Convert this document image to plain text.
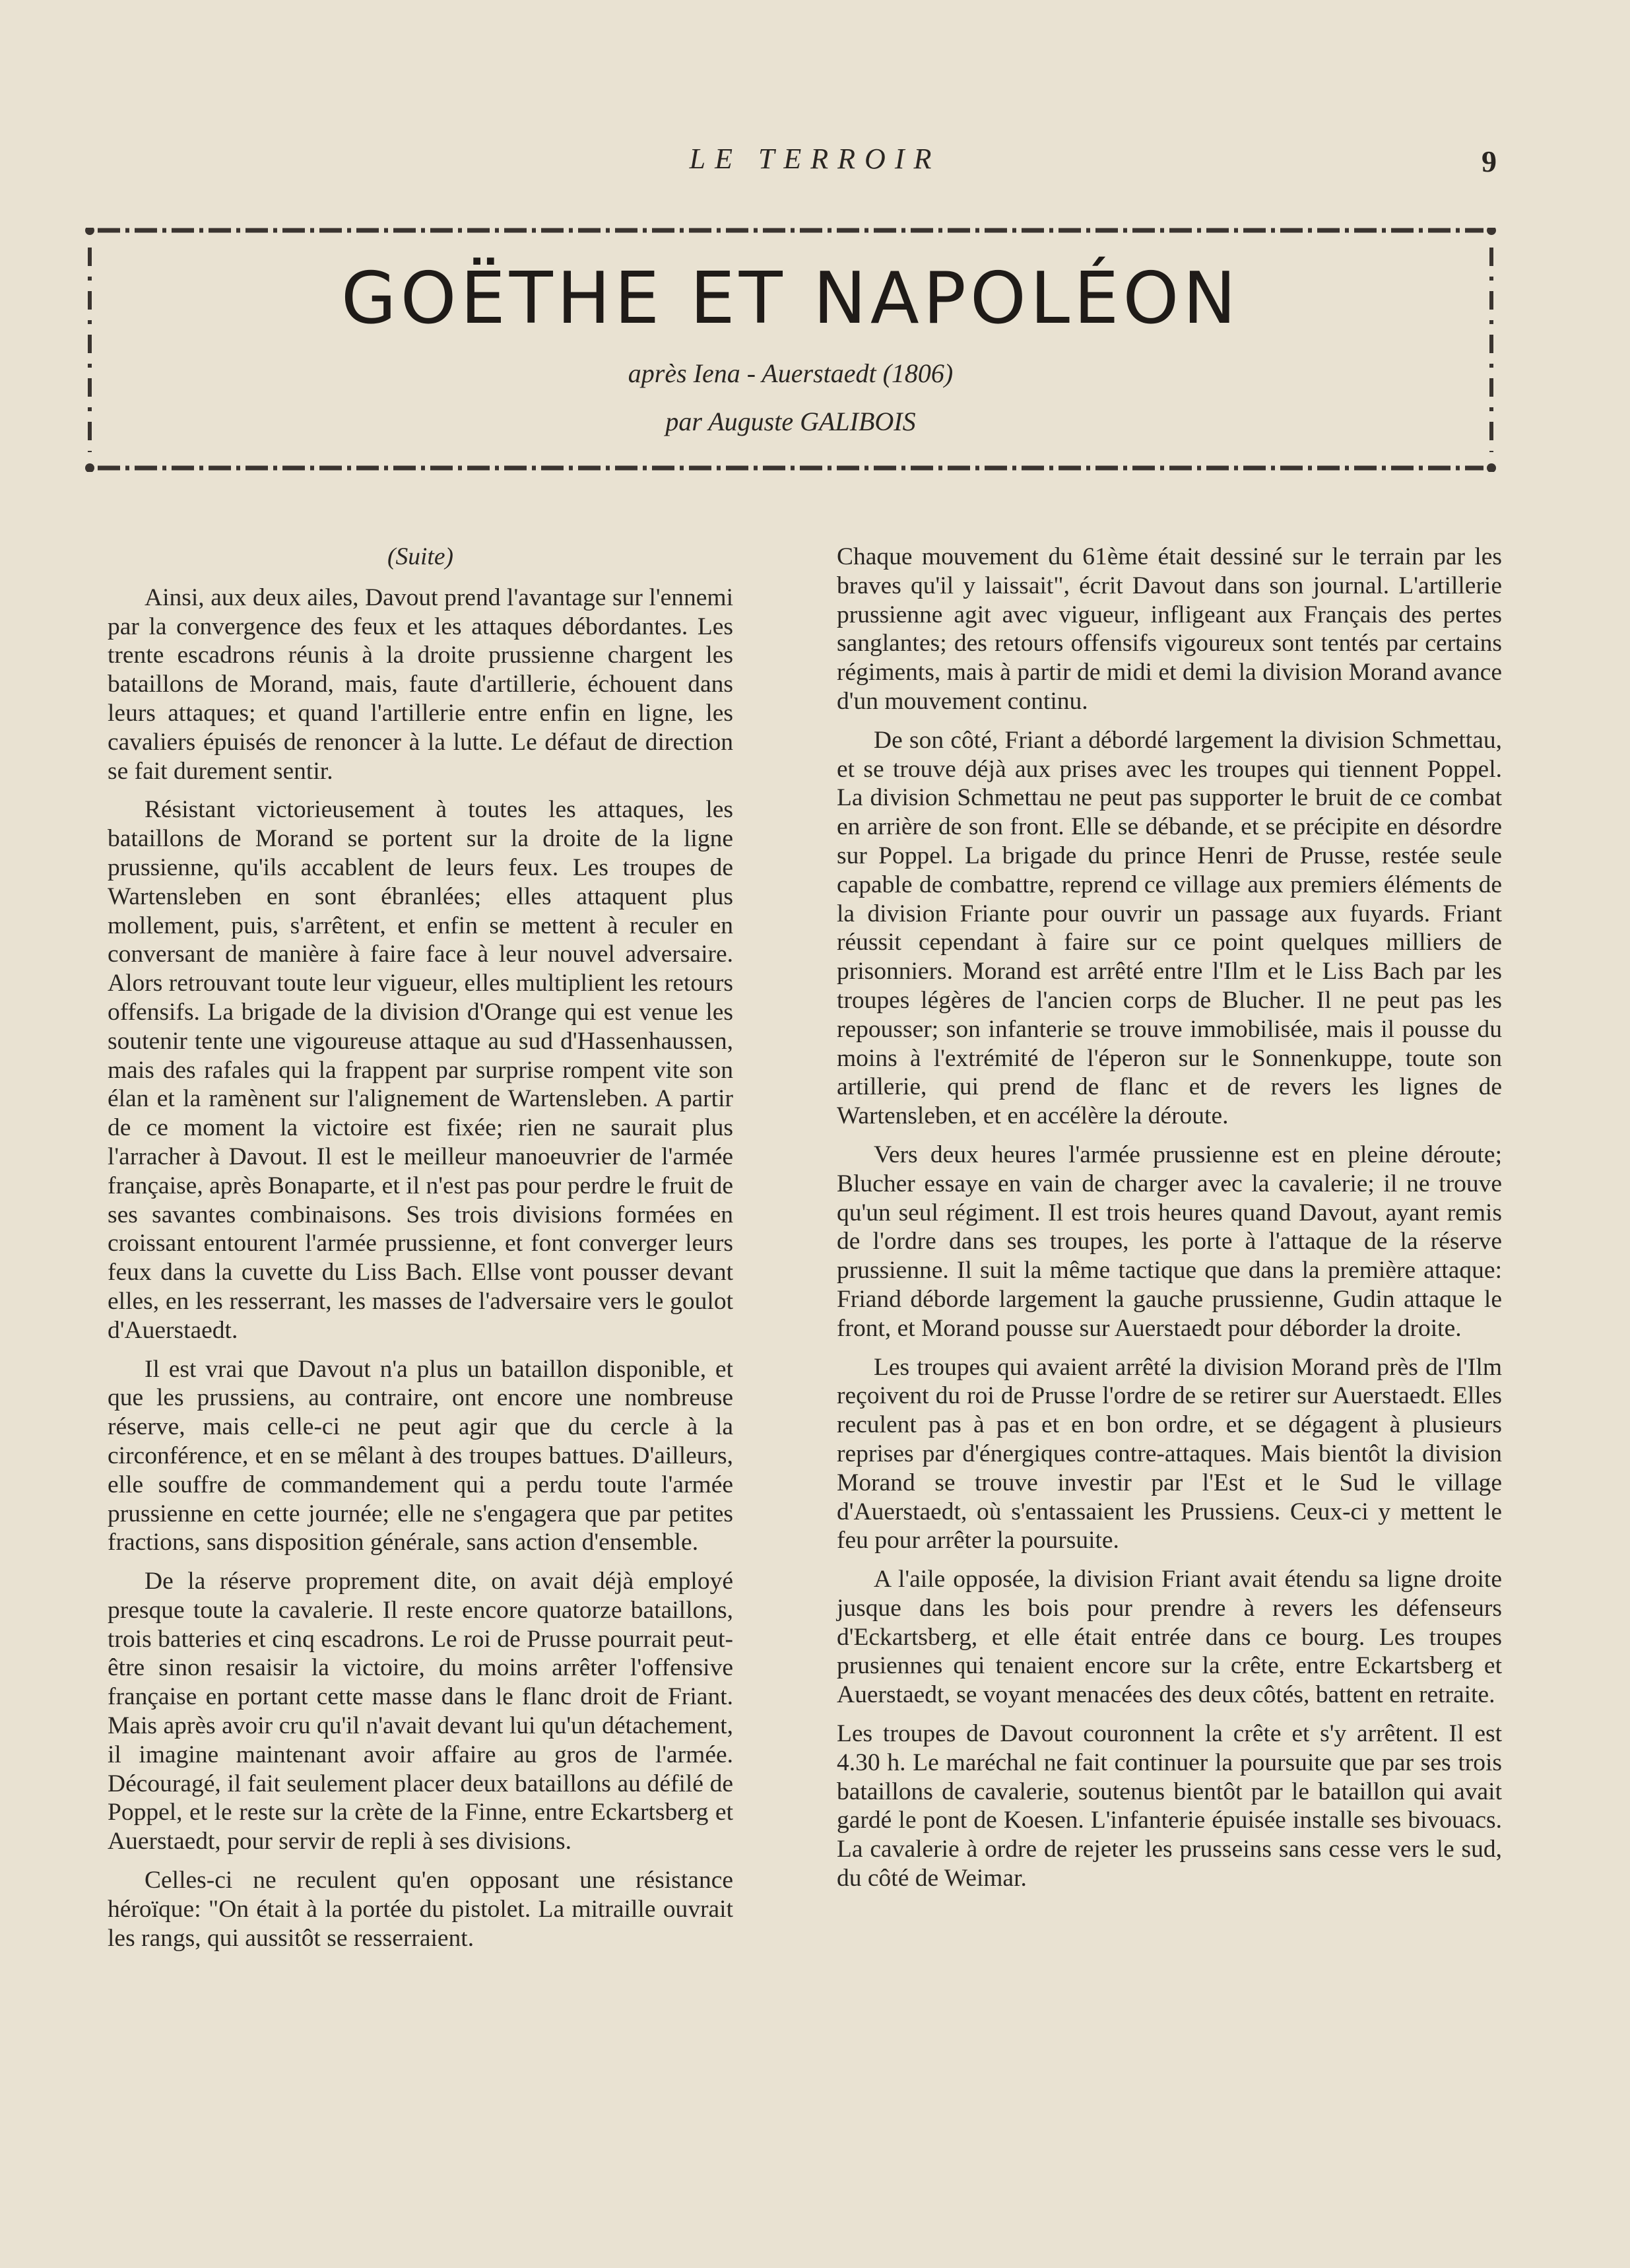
LE TERROIR	9
GOËTHE ET NAPOLÉON
après Iena - Auerstaedt (1806)
par Auguste GALIBOIS
(Suite)

Ainsi, aux deux ailes, Davout prend l'avantage sur l'ennemi par la convergence des feux et les attaques débordantes. Les trente escadrons réunis à la droite prussienne chargent les bataillons de Morand, mais, faute d'artillerie, échouent dans leurs attaques; et quand l'artillerie entre enfin en ligne, les cavaliers épuisés de renoncer à la lutte. Le défaut de direction se fait durement sentir.

Résistant victorieusement à toutes les attaques, les bataillons de Morand se portent sur la droite de la ligne prussienne, qu'ils accablent de leurs feux. Les troupes de Wartensleben en sont ébranlées; elles attaquent plus mollement, puis, s'arrêtent, et enfin se mettent à reculer en conversant de manière à faire face à leur nouvel adversaire. Alors retrouvant toute leur vigueur, elles multiplient les retours offensifs. La brigade de la division d'Orange qui est venue les soutenir tente une vigoureuse attaque au sud d'Hassenhaussen, mais des rafales qui la frappent par surprise rompent vite son élan et la ramènent sur l'alignement de Wartensleben. A partir de ce moment la victoire est fixée; rien ne saurait plus l'arracher à Davout. Il est le meilleur manoeuvrier de l'armée française, après Bonaparte, et il n'est pas pour perdre le fruit de ses savantes combinaisons. Ses trois divisions formées en croissant entourent l'armée prussienne, et font converger leurs feux dans la cuvette du Liss Bach. Ellse vont pousser devant elles, en les resserrant, les masses de l'adversaire vers le goulot d'Auerstaedt.

Il est vrai que Davout n'a plus un bataillon disponible, et que les prussiens, au contraire, ont encore une nombreuse réserve, mais celle-ci ne peut agir que du cercle à la circonférence, et en se mêlant à des troupes battues. D'ailleurs, elle souffre de commandement qui a perdu toute l'armée prussienne en cette journée; elle ne s'engagera que par petites fractions, sans disposition générale, sans action d'ensemble.

De la réserve proprement dite, on avait déjà employé presque toute la cavalerie. Il reste encore quatorze bataillons, trois batteries et cinq escadrons. Le roi de Prusse pourrait peut-être sinon resaisir la victoire, du moins arrêter l'offensive française en portant cette masse dans le flanc droit de Friant. Mais après avoir cru qu'il n'avait devant lui qu'un détachement, il imagine maintenant avoir affaire au gros de l'armée. Découragé, il fait seulement placer deux bataillons au défilé de Poppel, et le reste sur la crète de la Finne, entre Eckartsberg et Auerstaedt, pour servir de repli à ses divisions.

Celles-ci ne reculent qu'en opposant une résistance héroïque: "On était à la portée du pistolet. La mitraille ouvrait les rangs, qui aussitôt se resserraient.

Chaque mouvement du 61ème était dessiné sur le terrain par les braves qu'il y laissait", écrit Davout dans son journal. L'artillerie prussienne agit avec vigueur, infligeant aux Français des pertes sanglantes; des retours offensifs vigoureux sont tentés par certains régiments, mais à partir de midi et demi la division Morand avance d'un mouvement continu.

De son côté, Friant a débordé largement la division Schmettau, et se trouve déjà aux prises avec les troupes qui tiennent Poppel. La division Schmettau ne peut pas supporter le bruit de ce combat en arrière de son front. Elle se débande, et se précipite en désordre sur Poppel. La brigade du prince Henri de Prusse, restée seule capable de combattre, reprend ce village aux premiers éléments de la division Friante pour ouvrir un passage aux fuyards. Friant réussit cependant à faire sur ce point quelques milliers de prisonniers. Morand est arrêté entre l'Ilm et le Liss Bach par les troupes légères de l'ancien corps de Blucher. Il ne peut pas les repousser; son infanterie se trouve immobilisée, mais il pousse du moins à l'extrémité de l'éperon sur le Sonnenkuppe, toute son artillerie, qui prend de flanc et de revers les lignes de Wartensleben, et en accélère la déroute.

Vers deux heures l'armée prussienne est en pleine déroute; Blucher essaye en vain de charger avec la cavalerie; il ne trouve qu'un seul régiment. Il est trois heures quand Davout, ayant remis de l'ordre dans ses troupes, les porte à l'attaque de la réserve prussienne. Il suit la même tactique que dans la première attaque: Friand déborde largement la gauche prussienne, Gudin attaque le front, et Morand pousse sur Auerstaedt pour déborder la droite.

Les troupes qui avaient arrêté la division Morand près de l'Ilm reçoivent du roi de Prusse l'ordre de se retirer sur Auerstaedt. Elles reculent pas à pas et en bon ordre, et se dégagent à plusieurs reprises par d'énergiques contre-attaques. Mais bientôt la division Morand se trouve investir par l'Est et le Sud le village d'Auerstaedt, où s'entassaient les Prussiens. Ceux-ci y mettent le feu pour arrêter la poursuite.

A l'aile opposée, la division Friant avait étendu sa ligne droite jusque dans les bois pour prendre à revers les défenseurs d'Eckartsberg, et elle était entrée dans ce bourg. Les troupes prusiennes qui tenaient encore sur la crête, entre Eckartsberg et Auerstaedt, se voyant menacées des deux côtés, battent en retraite.

Les troupes de Davout couronnent la crête et s'y arrêtent. Il est 4.30 h. Le maréchal ne fait continuer la poursuite que par ses trois bataillons de cavalerie, soutenus bientôt par le bataillon qui avait gardé le pont de Koesen. L'infanterie épuisée installe ses bivouacs. La cavalerie à ordre de rejeter les prusseins sans cesse vers le sud, du côté de Weimar.
